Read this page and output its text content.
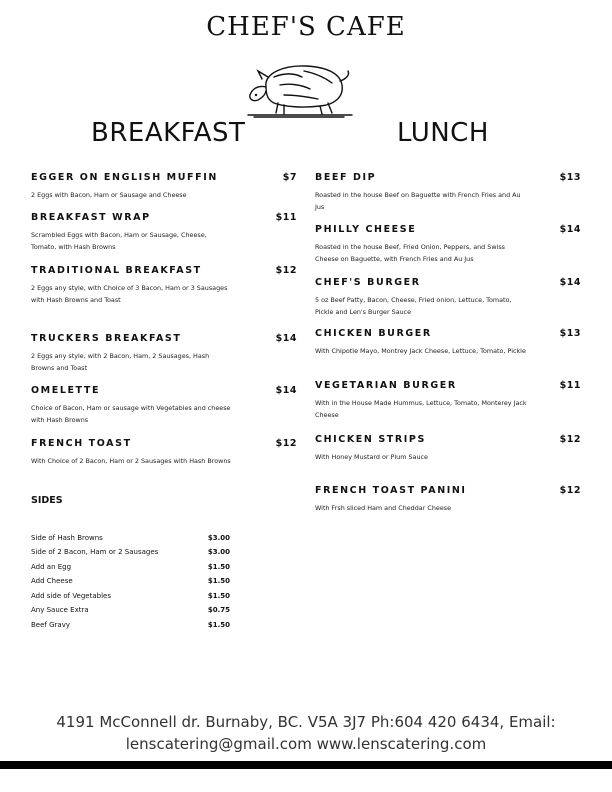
CHEF'S CAFE
BREAKFAST	LUNCH
EGGER ON ENGLISH MUFFIN	$7
2 Eggs with Bacon, Ham or Sausage and Cheese
BREAKFAST WRAP	$11
Scrambled Eggs with Bacon, Ham or Sausage, Cheese, Tomato, with Hash Browns
TRADITIONAL BREAKFAST	$12
2 Eggs any style, with Choice of 3 Bacon, Ham or 3 Sausages with Hash Browns and Toast
TRUCKERS BREAKFAST	$14
2 Eggs any style, with 2 Bacon, Ham, 2 Sausages, Hash Browns and Toast
OMELETTE	$14
Choice of Bacon, Ham or sausage with Vegetables and cheese with Hash Browns
FRENCH TOAST	$12
With Choice of 2 Bacon, Ham or 2 Sausages with Hash Browns
SIDES
Side of Hash Browns	$3.00
Side of 2 Bacon, Ham or 2 Sausages	$3.00
Add an Egg	$1.50
Add Cheese	$1.50
Add side of Vegetables	$1.50
Any Sauce Extra	$0.75
Beef Gravy	$1.50
BEEF DIP	$13
Roasted in the house Beef on Baguette with French Fries and Au Jus
PHILLY CHEESE	$14
Roasted in the house Beef, Fried Onion, Peppers, and Swiss Cheese on Baguette, with French Fries and Au Jus
CHEF'S BURGER	$14
5 oz Beef Patty, Bacon, Cheese, Fried onion, Lettuce, Tomato, Pickle and Len's Burger Sauce
CHICKEN BURGER	$13
With Chipotle Mayo, Montrey Jack Cheese, Lettuce, Tomato, Pickle
VEGETARIAN BURGER	$11
With in the House Made Hummus, Lettuce, Tomato, Monterey Jack Cheese
CHICKEN STRIPS	$12
With Honey Mustard or Plum Sauce
FRENCH TOAST PANINI	$12
With Frsh sliced Ham and Cheddar Cheese
4191 McConnell dr. Burnaby, BC. V5A 3J7 Ph:604 420 6434, Email:
lenscatering@gmail.com www.lenscatering.com
